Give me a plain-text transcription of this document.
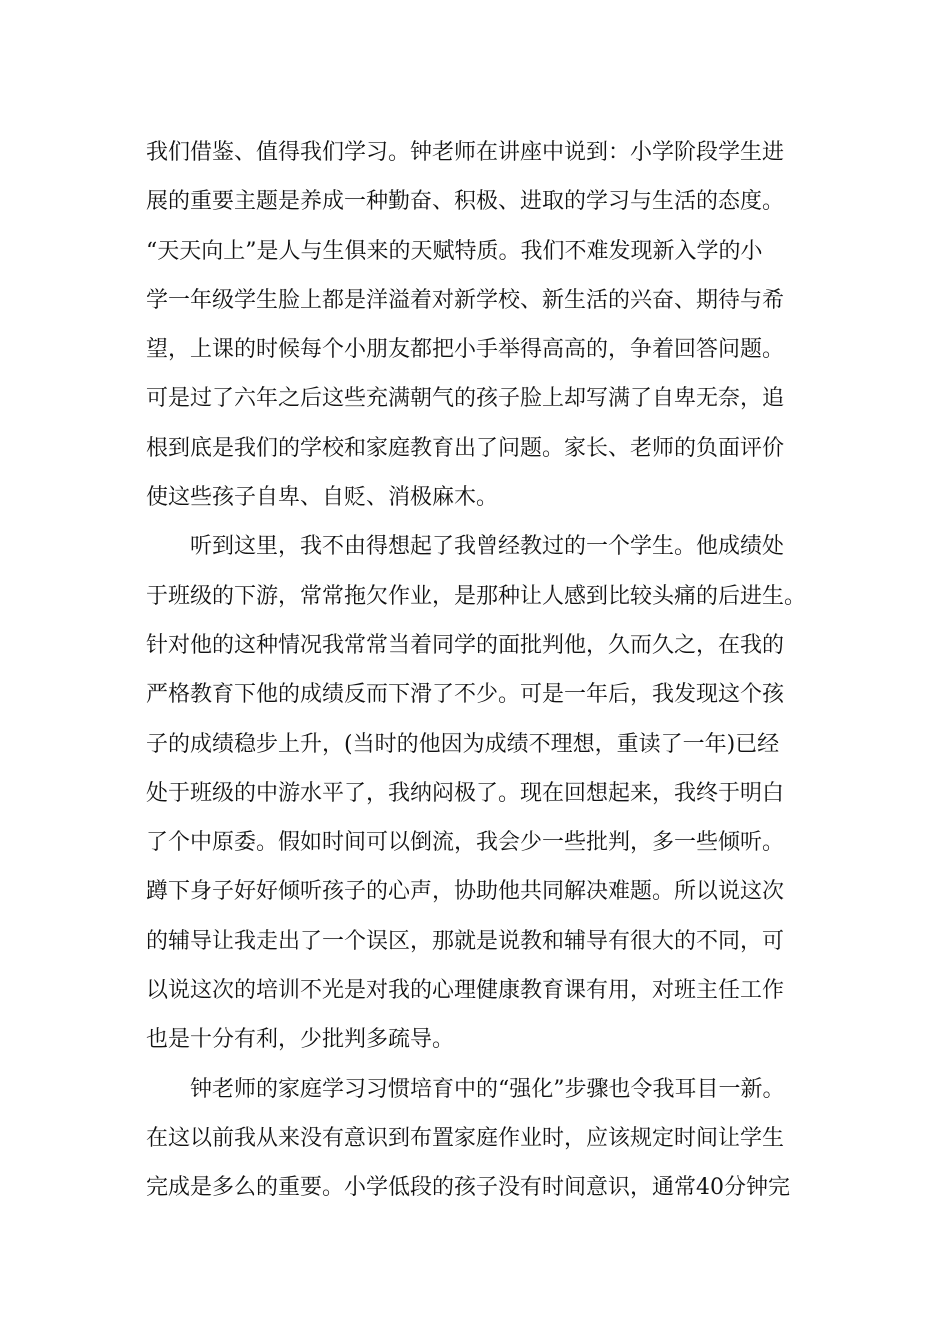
我们借鉴、值得我们学习。钟老师在讲座中说到：小学阶段学生进
展的重要主题是养成一种勤奋、积极、进取的学习与生活的态度。
“天天向上”是人与生俱来的天赋特质。我们不难发现新入学的小
学一年级学生脸上都是洋溢着对新学校、新生活的兴奋、期待与希
望，上课的时候每个小朋友都把小手举得高高的，争着回答问题。
可是过了六年之后这些充满朝气的孩子脸上却写满了自卑无奈，追
根到底是我们的学校和家庭教育出了问题。家长、老师的负面评价
使这些孩子自卑、自贬、消极麻木。
听到这里，我不由得想起了我曾经教过的一个学生。他成绩处
于班级的下游，常常拖欠作业，是那种让人感到比较头痛的后进生。
针对他的这种情况我常常当着同学的面批判他，久而久之，在我的
严格教育下他的成绩反而下滑了不少。可是一年后，我发现这个孩
子的成绩稳步上升，(当时的他因为成绩不理想，重读了一年)已经
处于班级的中游水平了，我纳闷极了。现在回想起来，我终于明白
了个中原委。假如时间可以倒流，我会少一些批判，多一些倾听。
蹲下身子好好倾听孩子的心声，协助他共同解决难题。所以说这次
的辅导让我走出了一个误区，那就是说教和辅导有很大的不同，可
以说这次的培训不光是对我的心理健康教育课有用，对班主任工作
也是十分有利，少批判多疏导。
钟老师的家庭学习习惯培育中的“强化”步骤也令我耳目一新。
在这以前我从来没有意识到布置家庭作业时，应该规定时间让学生
完成是多么的重要。小学低段的孩子没有时间意识，通常40分钟完
